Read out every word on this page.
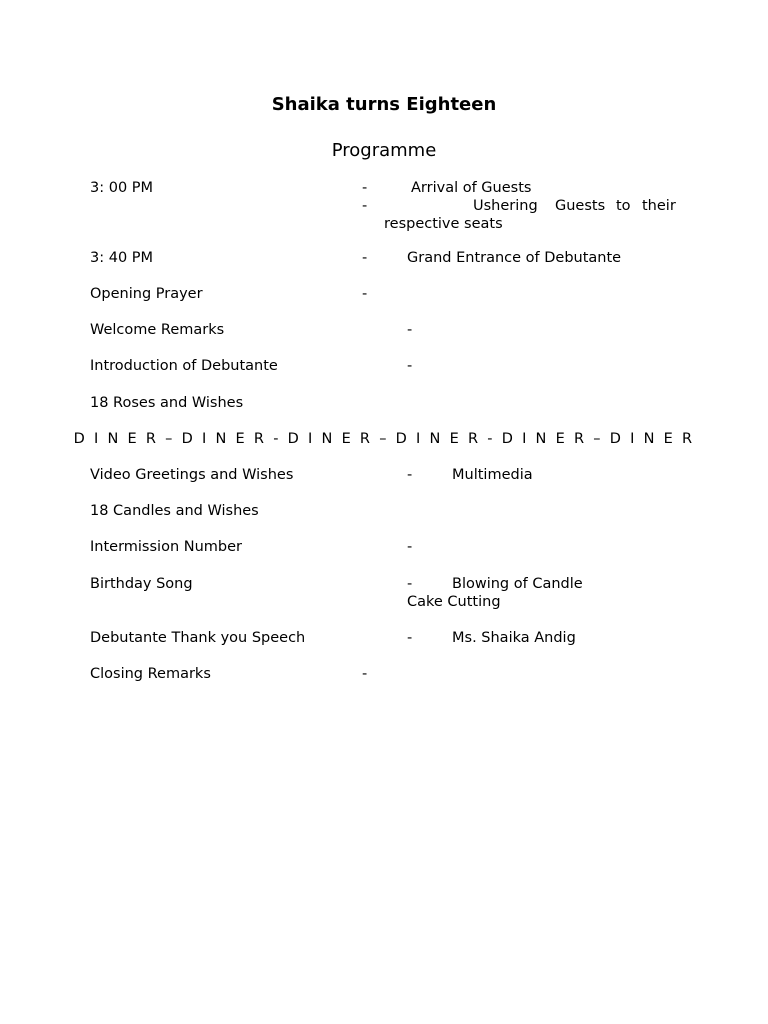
Shaika turns Eighteen
Programme
3: 00 PM	-	Arrival of Guests
-	Ushering Guests to their
respective seats
3: 40 PM	-	Grand Entrance of Debutante
Opening Prayer	-
Welcome Remarks	-
Introduction of Debutante	-
18 Roses and Wishes
D I N E R – D I N E R - D I N E R – D I N E R - D I N E R – D I N E R
Video Greetings and Wishes	-	Multimedia
18 Candles and Wishes
Intermission Number	-
Birthday Song	-	Blowing of Candle
Cake Cutting
Debutante Thank you Speech	-	Ms. Shaika Andig
Closing Remarks	-
